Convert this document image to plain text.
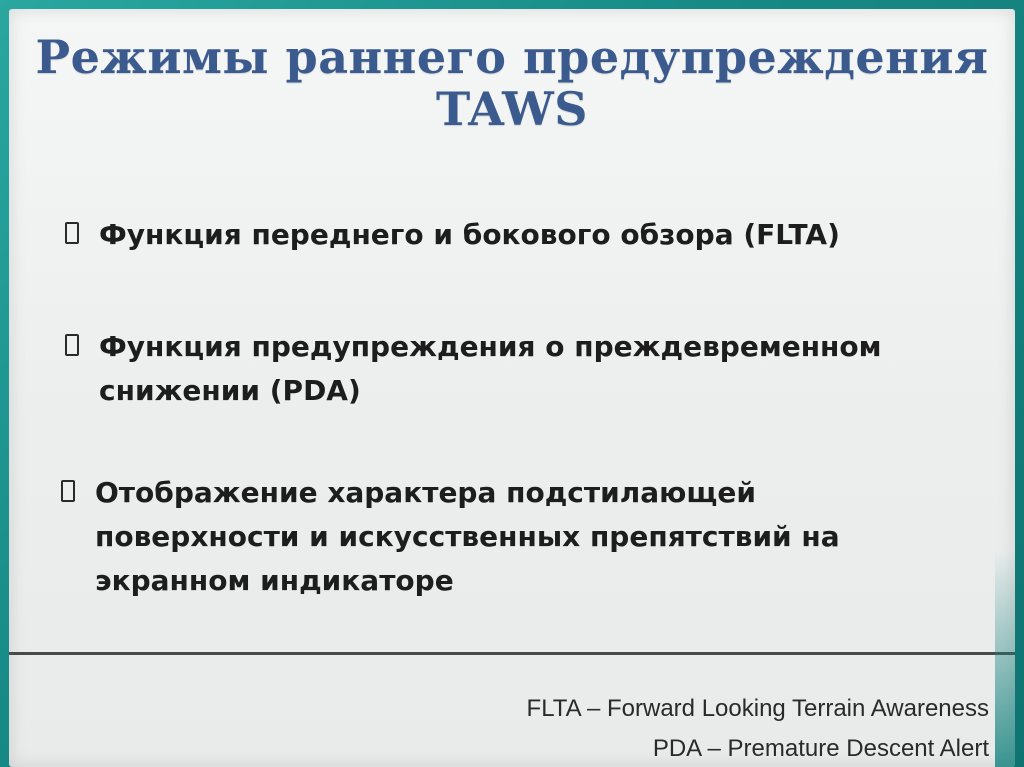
Режимы раннего предупреждения
TAWS
Функция переднего и бокового обзора (FLTA)
Функция предупреждения о преждевременном
снижении (PDA)
Отображение характера подстилающей
поверхности и искусственных препятствий на
экранном индикаторе
FLTA – Forward Looking Terrain Awareness
PDA – Premature Descent Alert
